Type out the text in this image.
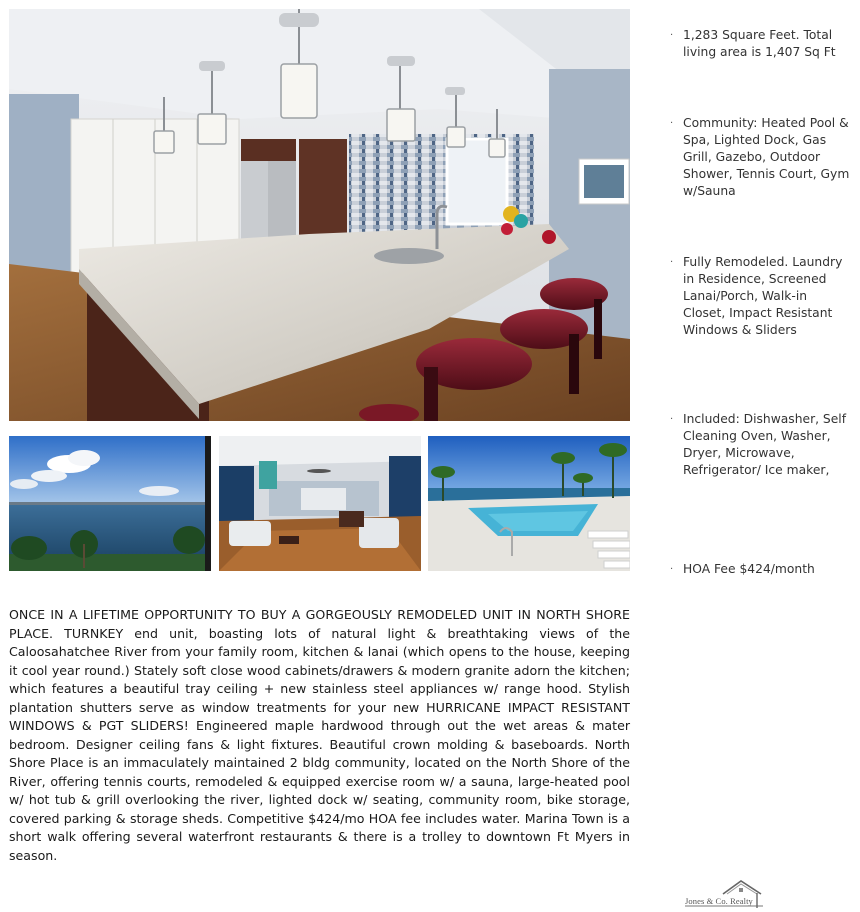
· 1,283 Square Feet. Total living area is 1,407 Sq Ft
· Community: Heated Pool & Spa, Lighted Dock, Gas Grill, Gazebo, Outdoor Shower, Tennis Court, Gym w/Sauna
· Fully Remodeled. Laundry in Residence, Screened Lanai/Porch, Walk-in Closet, Impact Resistant Windows & Sliders
· Included: Dishwasher, Self Cleaning Oven, Washer, Dryer, Microwave, Refrigerator/ Ice maker,
· HOA Fee $424/month

ONCE IN A LIFETIME OPPORTUNITY TO BUY A GORGEOUSLY REMODELED UNIT IN NORTH SHORE PLACE. TURNKEY end unit, boasting lots of natural light & breathtaking views of the Caloosahatchee River from your family room, kitchen & lanai (which opens to the house, keeping it cool year round.) Stately soft close wood cabinets/drawers & modern granite adorn the kitchen; which features a beautiful tray ceiling + new stainless steel appliances w/ range hood. Stylish plantation shutters serve as window treatments for your new HURRICANE IMPACT RESISTANT WINDOWS & PGT SLIDERS! Engineered maple hardwood through out the wet areas & mater bedroom. Designer ceiling fans & light fixtures. Beautiful crown molding & baseboards. North Shore Place is an immaculately maintained 2 bldg community, located on the North Shore of the River, offering tennis courts, remodeled & equipped exercise room w/ a sauna, large-heated pool w/ hot tub & grill overlooking the river, lighted dock w/ seating, community room, bike storage, covered parking & storage sheds. Competitive $424/mo HOA fee includes water. Marina Town is a short walk offering several waterfront restaurants & there is a trolley to downtown Ft Myers in season.

Jones & Co. Realty
